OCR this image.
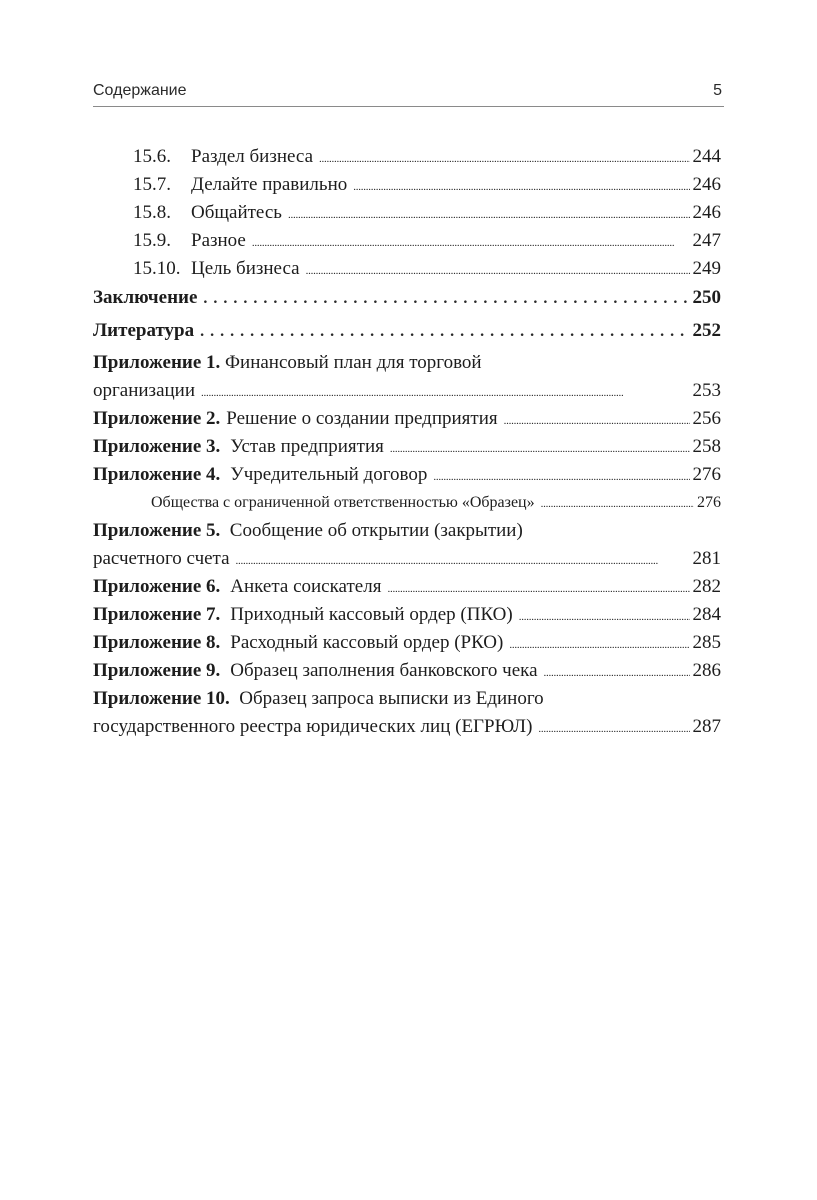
Содержание	5
15.6.	Раздел бизнеса . . .	244
15.7.	Делайте правильно . . .	246
15.8.	Общайтесь . . .	246
15.9.	Разное . . .	247
15.10. Цель бизнеса . . .	249
Заключение . . .	250
Литература . . .	252
Приложение 1. Финансовый план для торговой
организации . . .	253
Приложение 2. Решение о создании предприятия . . .	256
Приложение 3. Устав предприятия . . .	258
Приложение 4. Учредительный договор . . .	276
Общества с ограниченной ответственностью «Образец» . . .	276
Приложение 5. Сообщение об открытии (закрытии)
расчетного счета . . .	281
Приложение 6. Анкета соискателя . . .	282
Приложение 7. Приходный кассовый ордер (ПКО) . . .	284
Приложение 8. Расходный кассовый ордер (РКО) . . .	285
Приложение 9. Образец заполнения банковского чека . . .	286
Приложение 10. Образец запроса выписки из Единого
государственного реестра юридических лиц (ЕГРЮЛ) . . .	287
